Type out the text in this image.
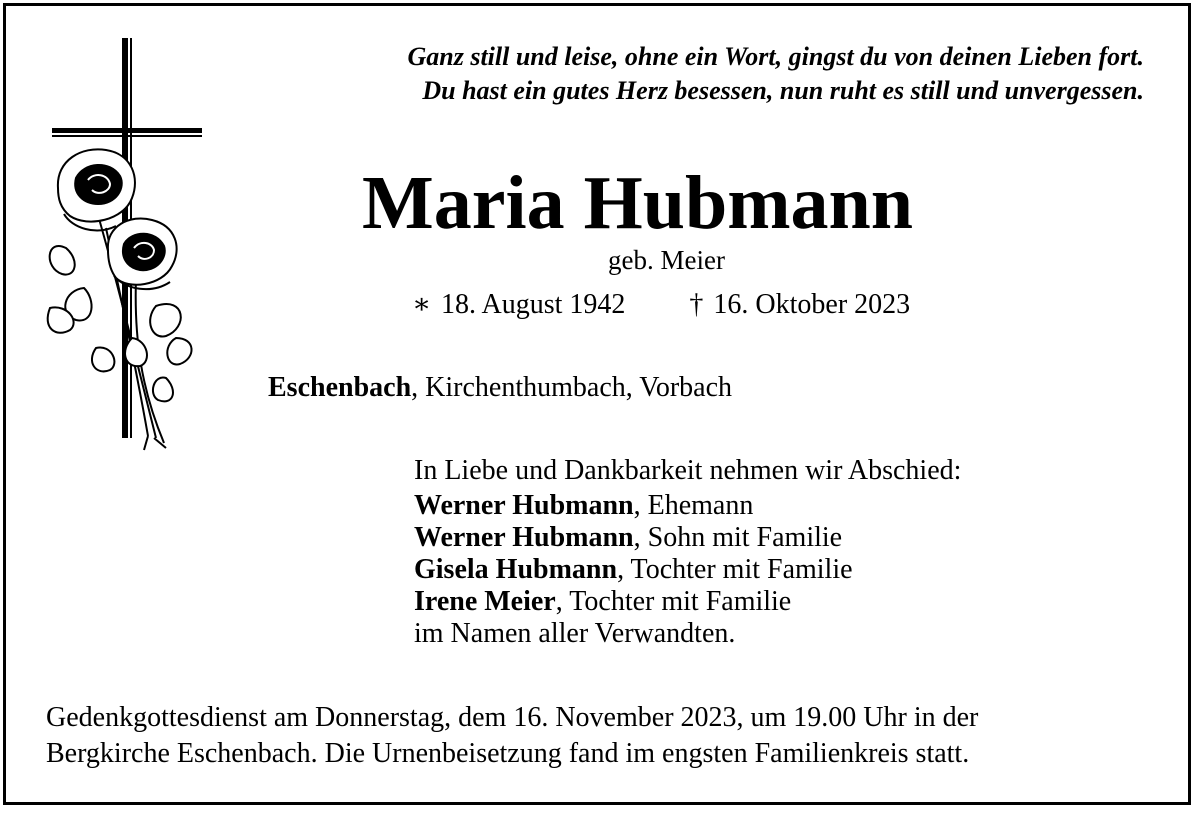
Ganz still und leise, ohne ein Wort, gingst du von deinen Lieben fort.
Du hast ein gutes Herz besessen, nun ruht es still und unvergessen.
Maria Hubmann
geb. Meier
∗ 18. August 1942 † 16. Oktober 2023
Eschenbach, Kirchenthumbach, Vorbach
In Liebe und Dankbarkeit nehmen wir Abschied:
Werner Hubmann, Ehemann
Werner Hubmann, Sohn mit Familie
Gisela Hubmann, Tochter mit Familie
Irene Meier, Tochter mit Familie
im Namen aller Verwandten.
Gedenkgottesdienst am Donnerstag, dem 16. November 2023, um 19.00 Uhr in der
Bergkirche Eschenbach. Die Urnenbeisetzung fand im engsten Familienkreis statt.
